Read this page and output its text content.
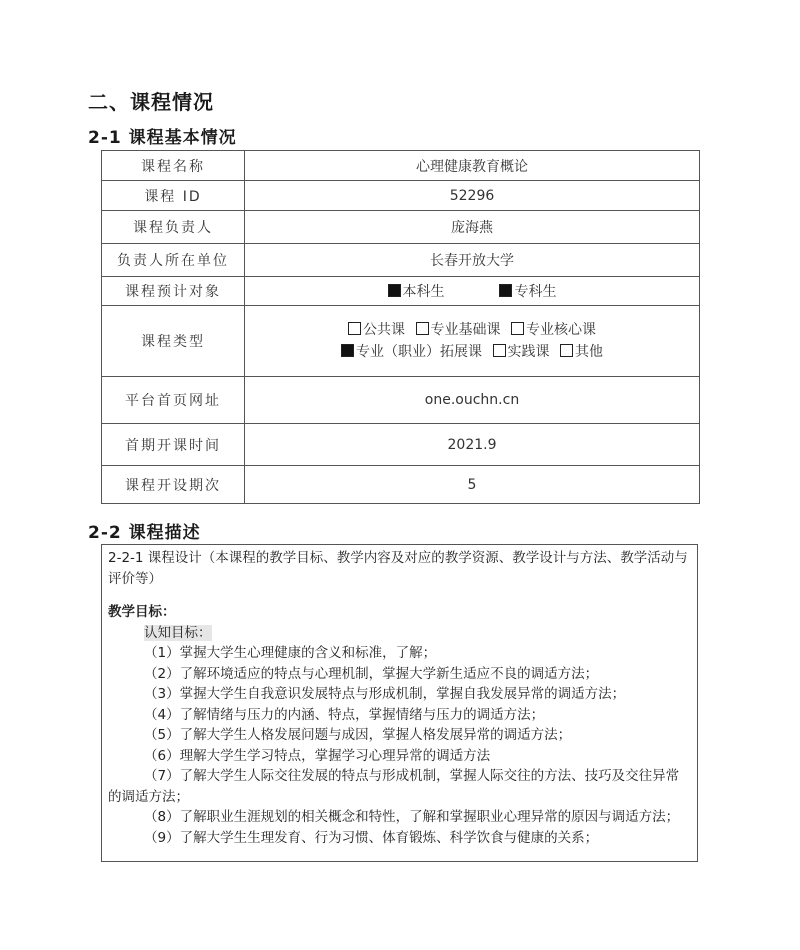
二、课程情况
2-1 课程基本情况
课程名称	心理健康教育概论
课程 ID	52296
课程负责人	庞海燕
负责人所在单位	长春开放大学
课程预计对象	本科生 专科生
课程类型	公共课 专业基础课 专业核心课
专业（职业）拓展课 实践课 其他

平台首页网址	one.ouchn.cn
首期开课时间	2021.9
课程开设期次	5
2-2 课程描述

2-2-1 课程设计（本课程的教学目标、教学内容及对应的教学资源、教学设计与方法、教学活动与评价等）

教学目标：

认知目标：

（1）掌握大学生心理健康的含义和标准，了解；

（2）了解环境适应的特点与心理机制，掌握大学新生适应不良的调适方法；

（3）掌握大学生自我意识发展特点与形成机制，掌握自我发展异常的调适方法；

（4）了解情绪与压力的内涵、特点，掌握情绪与压力的调适方法；

（5）了解大学生人格发展问题与成因，掌握人格发展异常的调适方法；

（6）理解大学生学习特点，掌握学习心理异常的调适方法

（7）了解大学生人际交往发展的特点与形成机制，掌握人际交往的方法、技巧及交往异常的调适方法；

（8）了解职业生涯规划的相关概念和特性，了解和掌握职业心理异常的原因与调适方法；

（9）了解大学生生理发育、行为习惯、体育锻炼、科学饮食与健康的关系；
